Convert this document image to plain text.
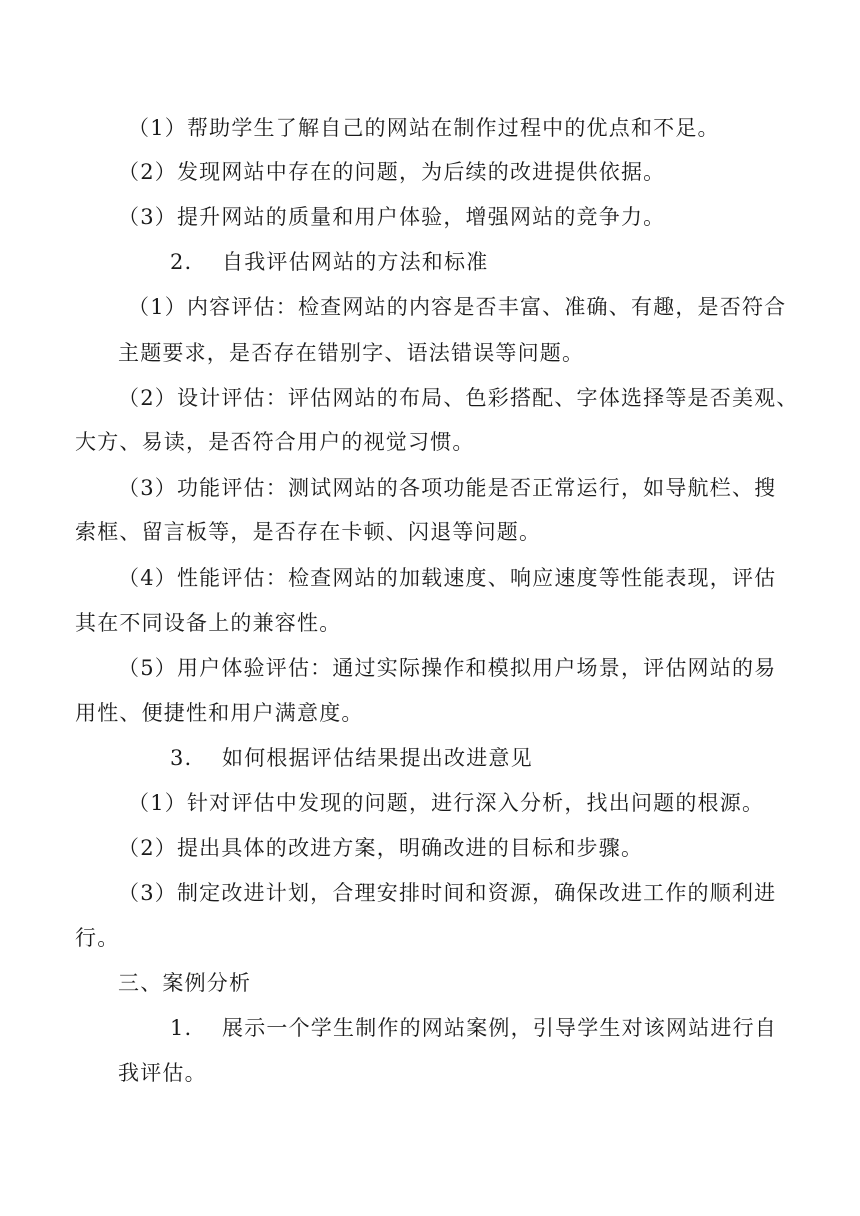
（1）帮助学生了解自己的网站在制作过程中的优点和不足。
（2）发现网站中存在的问题，为后续的改进提供依据。
（3）提升网站的质量和用户体验，增强网站的竞争力。
2. 自我评估网站的方法和标准
（1）内容评估：检查网站的内容是否丰富、准确、有趣，是否符合
主题要求，是否存在错别字、语法错误等问题。
（2）设计评估：评估网站的布局、色彩搭配、字体选择等是否美观、
大方、易读，是否符合用户的视觉习惯。
（3）功能评估：测试网站的各项功能是否正常运行，如导航栏、搜
索框、留言板等，是否存在卡顿、闪退等问题。
（4）性能评估：检查网站的加载速度、响应速度等性能表现，评估
其在不同设备上的兼容性。
（5）用户体验评估：通过实际操作和模拟用户场景，评估网站的易
用性、便捷性和用户满意度。
3. 如何根据评估结果提出改进意见
（1）针对评估中发现的问题，进行深入分析，找出问题的根源。
（2）提出具体的改进方案，明确改进的目标和步骤。
（3）制定改进计划，合理安排时间和资源，确保改进工作的顺利进
行。
三、案例分析
1. 展示一个学生制作的网站案例，引导学生对该网站进行自
我评估。
